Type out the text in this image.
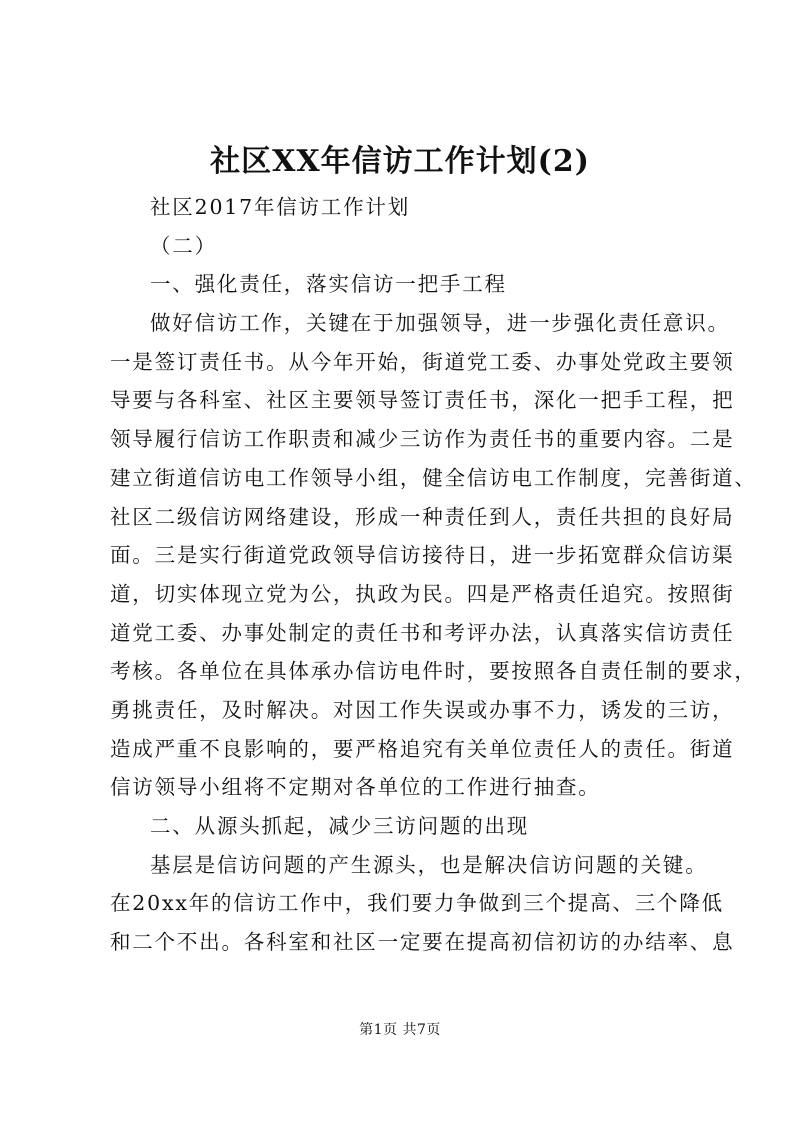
社区XX年信访工作计划(2)
社区2017年信访工作计划
（二）
一、强化责任，落实信访一把手工程
做好信访工作，关键在于加强领导，进一步强化责任意识。
一是签订责任书。从今年开始，街道党工委、办事处党政主要领
导要与各科室、社区主要领导签订责任书，深化一把手工程，把
领导履行信访工作职责和减少三访作为责任书的重要内容。二是
建立街道信访电工作领导小组，健全信访电工作制度，完善街道、
社区二级信访网络建设，形成一种责任到人，责任共担的良好局
面。三是实行街道党政领导信访接待日，进一步拓宽群众信访渠
道，切实体现立党为公，执政为民。四是严格责任追究。按照街
道党工委、办事处制定的责任书和考评办法，认真落实信访责任
考核。各单位在具体承办信访电件时，要按照各自责任制的要求，
勇挑责任，及时解决。对因工作失误或办事不力，诱发的三访，
造成严重不良影响的，要严格追究有关单位责任人的责任。街道
信访领导小组将不定期对各单位的工作进行抽查。
二、从源头抓起，减少三访问题的出现
基层是信访问题的产生源头，也是解决信访问题的关键。
在20xx年的信访工作中，我们要力争做到三个提高、三个降低
和二个不出。各科室和社区一定要在提高初信初访的办结率、息
第1页 共7页
